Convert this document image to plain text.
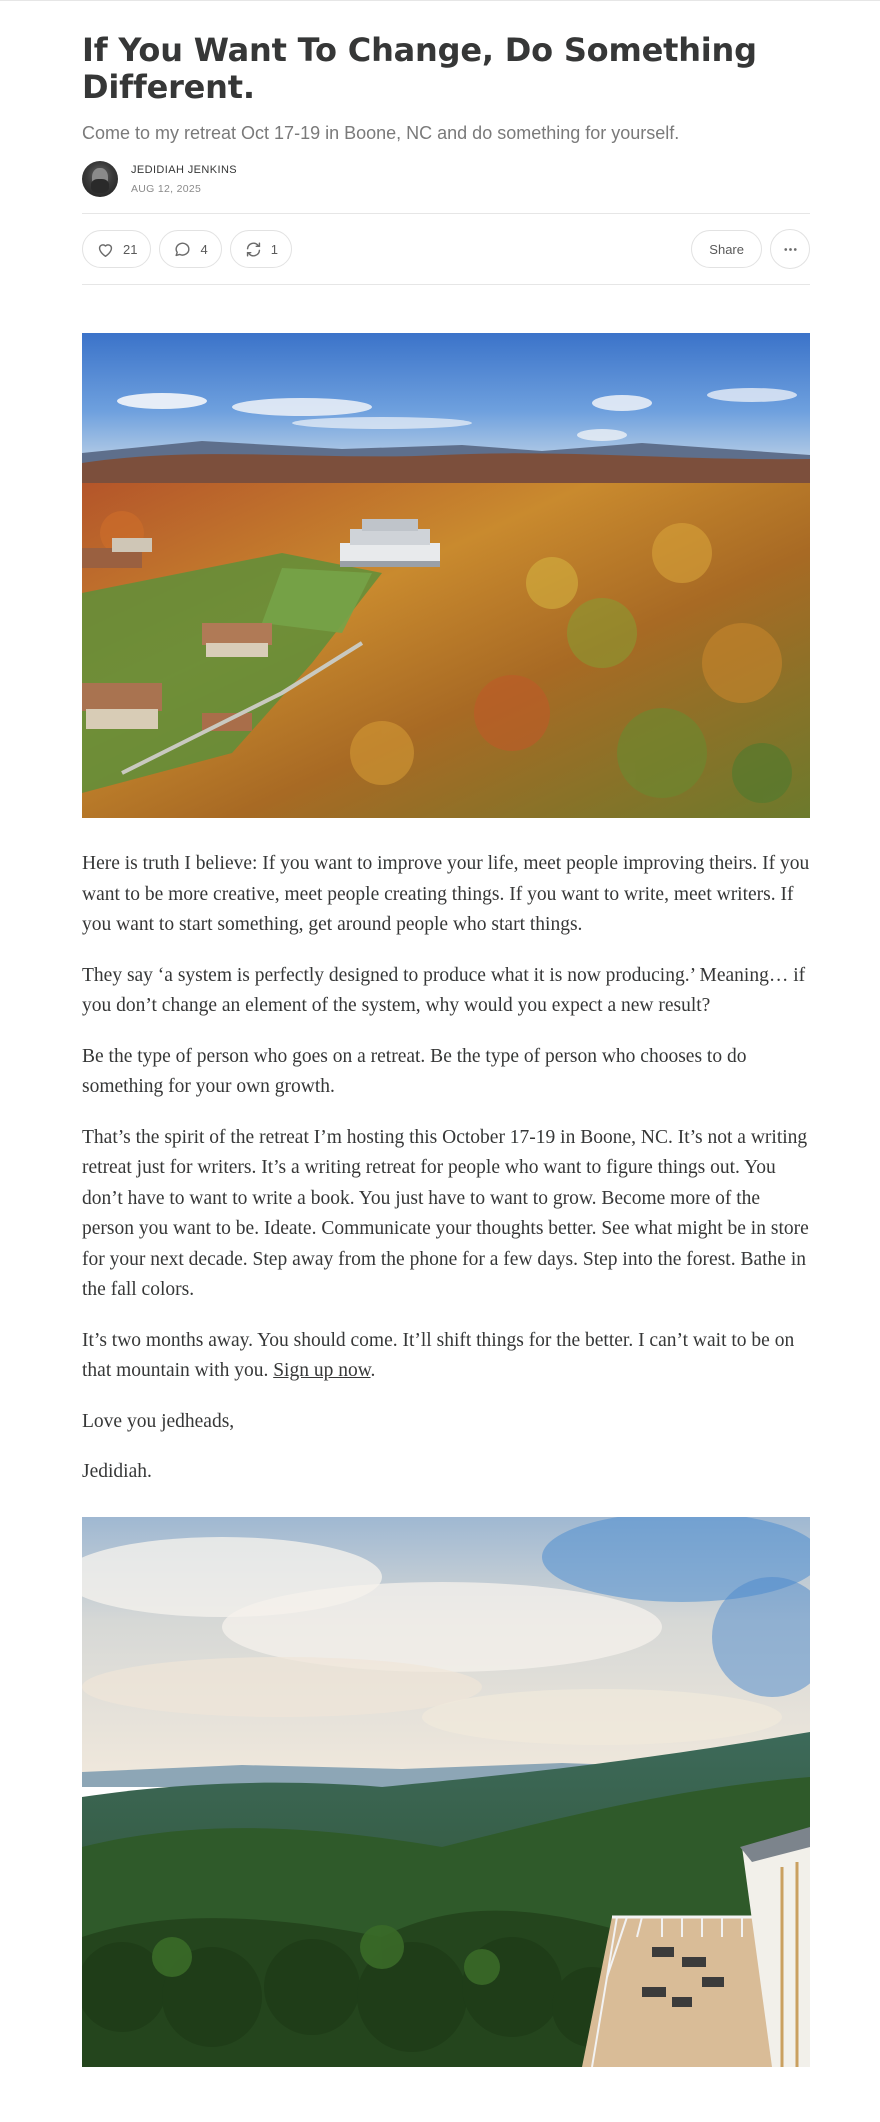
If You Want To Change, Do Something Different.
Come to my retreat Oct 17-19 in Boone, NC and do something for yourself.
JEDIDIAH JENKINS
AUG 12, 2025
21	4	1	Share

Here is truth I believe: If you want to improve your life, meet people improving theirs. If you want to be more creative, meet people creating things. If you want to write, meet writers. If you want to start something, get around people who start things.

They say ‘a system is perfectly designed to produce what it is now producing.’ Meaning… if you don’t change an element of the system, why would you expect a new result?

Be the type of person who goes on a retreat. Be the type of person who chooses to do something for your own growth.

That’s the spirit of the retreat I’m hosting this October 17-19 in Boone, NC. It’s not a writing retreat just for writers. It’s a writing retreat for people who want to figure things out. You don’t have to want to write a book. You just have to want to grow. Become more of the person you want to be. Ideate. Communicate your thoughts better. See what might be in store for your next decade. Step away from the phone for a few days. Step into the forest. Bathe in the fall colors.

It’s two months away. You should come. It’ll shift things for the better. I can’t wait to be on that mountain with you. Sign up now.

Love you jedheads,

Jedidiah.
